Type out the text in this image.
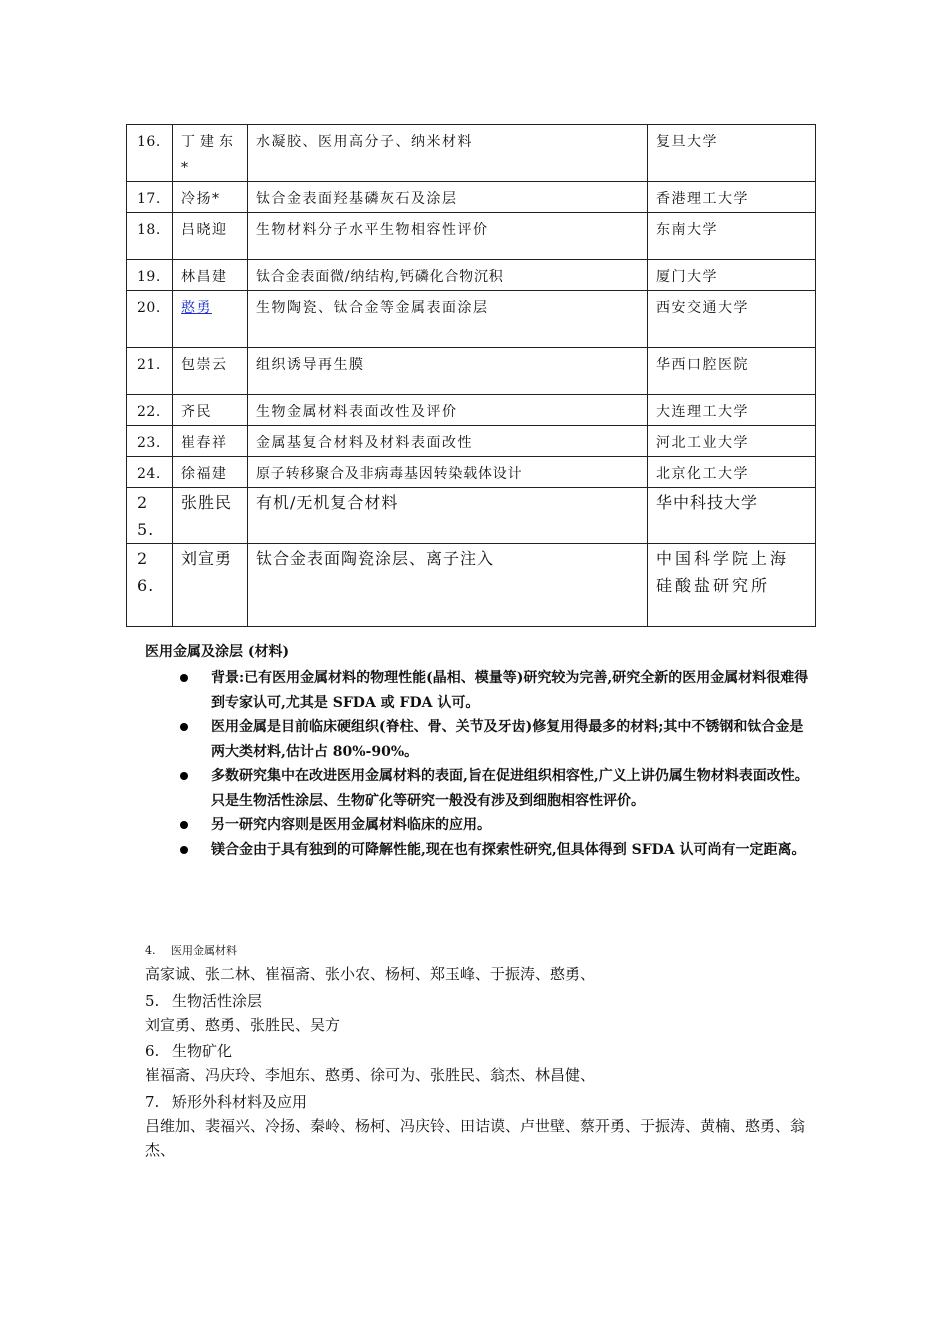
16.	丁建东*	水凝胶、医用高分子、纳米材料	复旦大学
17.	冷扬*	钛合金表面羟基磷灰石及涂层	香港理工大学
18.	吕晓迎	生物材料分子水平生物相容性评价	东南大学
19.	林昌建	钛合金表面微/纳结构,钙磷化合物沉积	厦门大学
20.	憨勇	生物陶瓷、钛合金等金属表面涂层	西安交通大学
21.	包崇云	组织诱导再生膜	华西口腔医院
22.	齐民	生物金属材料表面改性及评价	大连理工大学
23.	崔春祥	金属基复合材料及材料表面改性	河北工业大学
24.	徐福建	原子转移聚合及非病毒基因转染载体设计	北京化工大学
25.	张胜民	有机/无机复合材料	华中科技大学
26.	刘宣勇	钛合金表面陶瓷涂层、离子注入	中国科学院上海硅酸盐研究所

医用金属及涂层 (材料)

背景:已有医用金属材料的物理性能(晶相、模量等)研究较为完善,研究全新的医用金属材料很难得到专家认可,尤其是 SFDA 或 FDA 认可。
医用金属是目前临床硬组织(脊柱、骨、关节及牙齿)修复用得最多的材料;其中不锈钢和钛合金是两大类材料,估计占 80%-90%。
多数研究集中在改进医用金属材料的表面,旨在促进组织相容性,广义上讲仍属生物材料表面改性。只是生物活性涂层、生物矿化等研究一般没有涉及到细胞相容性评价。
另一研究内容则是医用金属材料临床的应用。
镁合金由于具有独到的可降解性能,现在也有探索性研究,但具体得到 SFDA 认可尚有一定距离。
4. 医用金属材料
高家诚、张二林、崔福斋、张小农、杨柯、郑玉峰、于振涛、憨勇、
5. 生物活性涂层
刘宣勇、憨勇、张胜民、吴方
6. 生物矿化
崔福斋、冯庆玲、李旭东、憨勇、徐可为、张胜民、翁杰、林昌健、
7. 矫形外科材料及应用
吕维加、裴福兴、冷扬、秦岭、杨柯、冯庆铃、田诘谟、卢世壁、蔡开勇、于振涛、黄楠、憨勇、翁杰、
